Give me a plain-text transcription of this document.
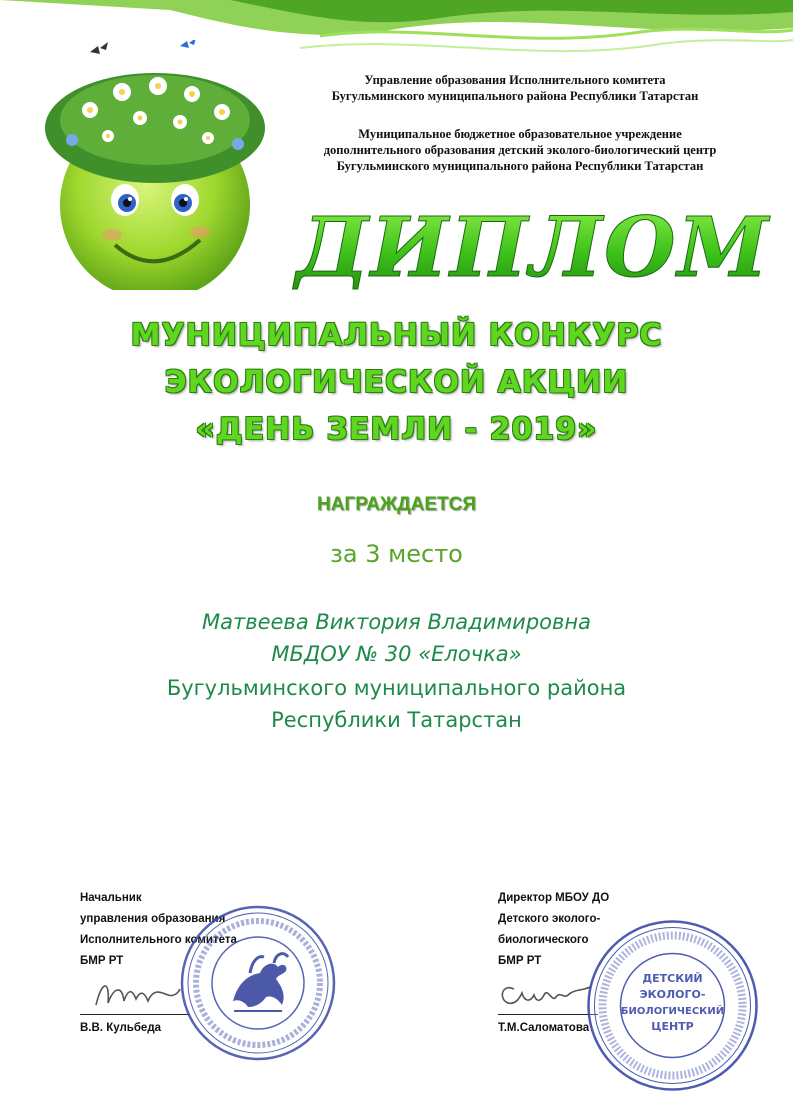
Управление образования Исполнительного комитета
Бугульминского муниципального района Республики Татарстан
Муниципальное бюджетное образовательное учреждение
дополнительного образования детский эколого-биологический центр
Бугульминского муниципального района Республики Татарстан
ДИПЛОМ
МУНИЦИПАЛЬНЫЙ КОНКУРС
ЭКОЛОГИЧЕСКОЙ АКЦИИ
«ДЕНЬ ЗЕМЛИ - 2019»
НАГРАЖДАЕТСЯ
за 3 место
Матвеева Виктория Владимировна
МБДОУ № 30 «Елочка»
Бугульминского муниципального района
Республики Татарстан
Начальник
управления образования
Исполнительного комитета
БМР РТ
В.В. Кульбеда
Директор МБОУ ДО
Детского эколого-
биологического
БМР РТ
Т.М.Саломатова
ДЕТСКИЙ
ЭКОЛОГО-
БИОЛОГИЧЕСКИЙ
ЦЕНТР
